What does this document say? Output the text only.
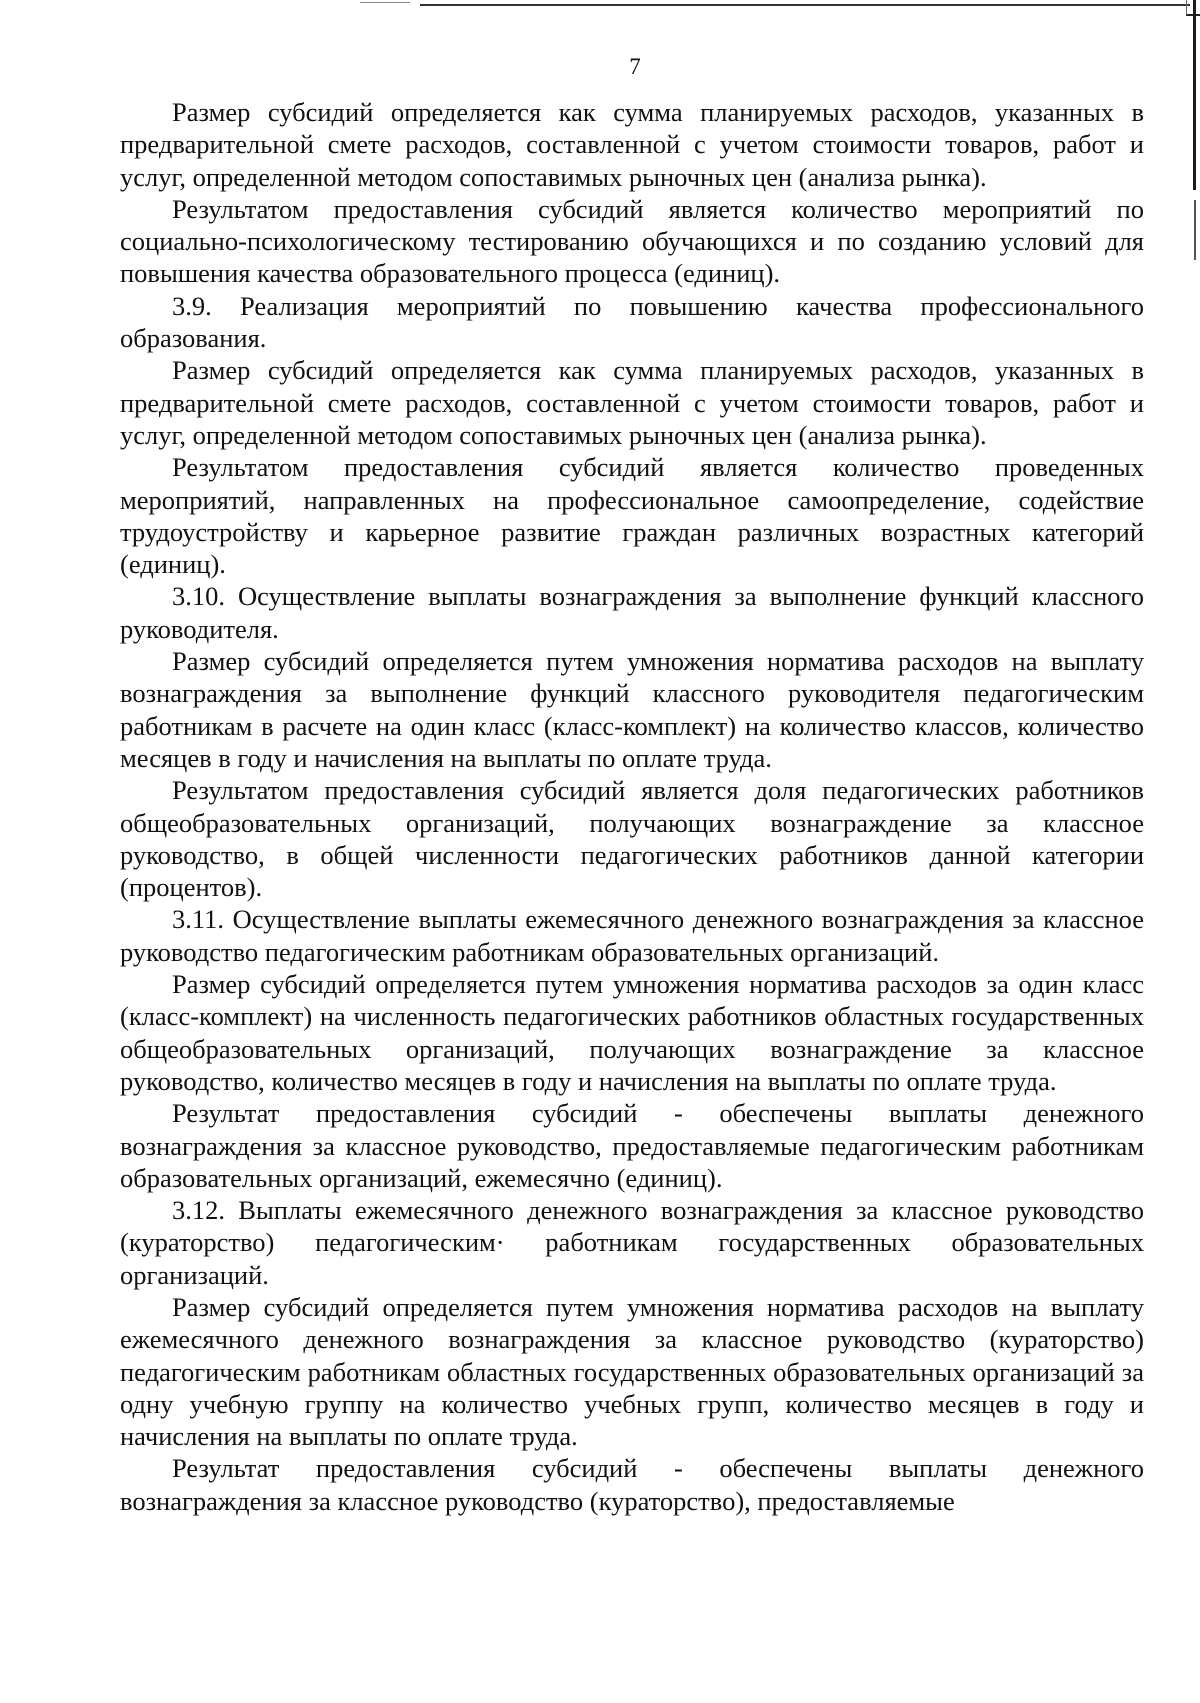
7

Размер субсидий определяется как сумма планируемых расходов, указанных в предварительной смете расходов, составленной с учетом стоимости товаров, работ и услуг, определенной методом сопоставимых рыночных цен (анализа рынка).

Результатом предоставления субсидий является количество мероприятий по социально-психологическому тестированию обучающихся и по созданию условий для повышения качества образовательного процесса (единиц).

3.9. Реализация мероприятий по повышению качества профессионального образования.

Размер субсидий определяется как сумма планируемых расходов, указанных в предварительной смете расходов, составленной с учетом стоимости товаров, работ и услуг, определенной методом сопоставимых рыночных цен (анализа рынка).

Результатом предоставления субсидий является количество проведенных мероприятий, направленных на профессиональное самоопределение, содействие трудоустройству и карьерное развитие граждан различных возрастных категорий (единиц).

3.10. Осуществление выплаты вознаграждения за выполнение функций классного руководителя.

Размер субсидий определяется путем умножения норматива расходов на выплату вознаграждения за выполнение функций классного руководителя педагогическим работникам в расчете на один класс (класс-комплект) на количество классов, количество месяцев в году и начисления на выплаты по оплате труда.

Результатом предоставления субсидий является доля педагогических работников общеобразовательных организаций, получающих вознаграждение за классное руководство, в общей численности педагогических работников данной категории (процентов).

3.11. Осуществление выплаты ежемесячного денежного вознаграждения за классное руководство педагогическим работникам образовательных организаций.

Размер субсидий определяется путем умножения норматива расходов за один класс (класс-комплект) на численность педагогических работников областных государственных общеобразовательных организаций, получающих вознаграждение за классное руководство, количество месяцев в году и начисления на выплаты по оплате труда.

Результат предоставления субсидий - обеспечены выплаты денежного вознаграждения за классное руководство, предоставляемые педагогическим работникам образовательных организаций, ежемесячно (единиц).

3.12. Выплаты ежемесячного денежного вознаграждения за классное руководство (кураторство) педагогическим· работникам государственных образовательных организаций.

Размер субсидий определяется путем умножения норматива расходов на выплату ежемесячного денежного вознаграждения за классное руководство (кураторство) педагогическим работникам областных государственных образовательных организаций за одну учебную группу на количество учебных групп, количество месяцев в году и начисления на выплаты по оплате труда.

Результат предоставления субсидий - обеспечены выплаты денежного вознаграждения за классное руководство (кураторство), предоставляемые
